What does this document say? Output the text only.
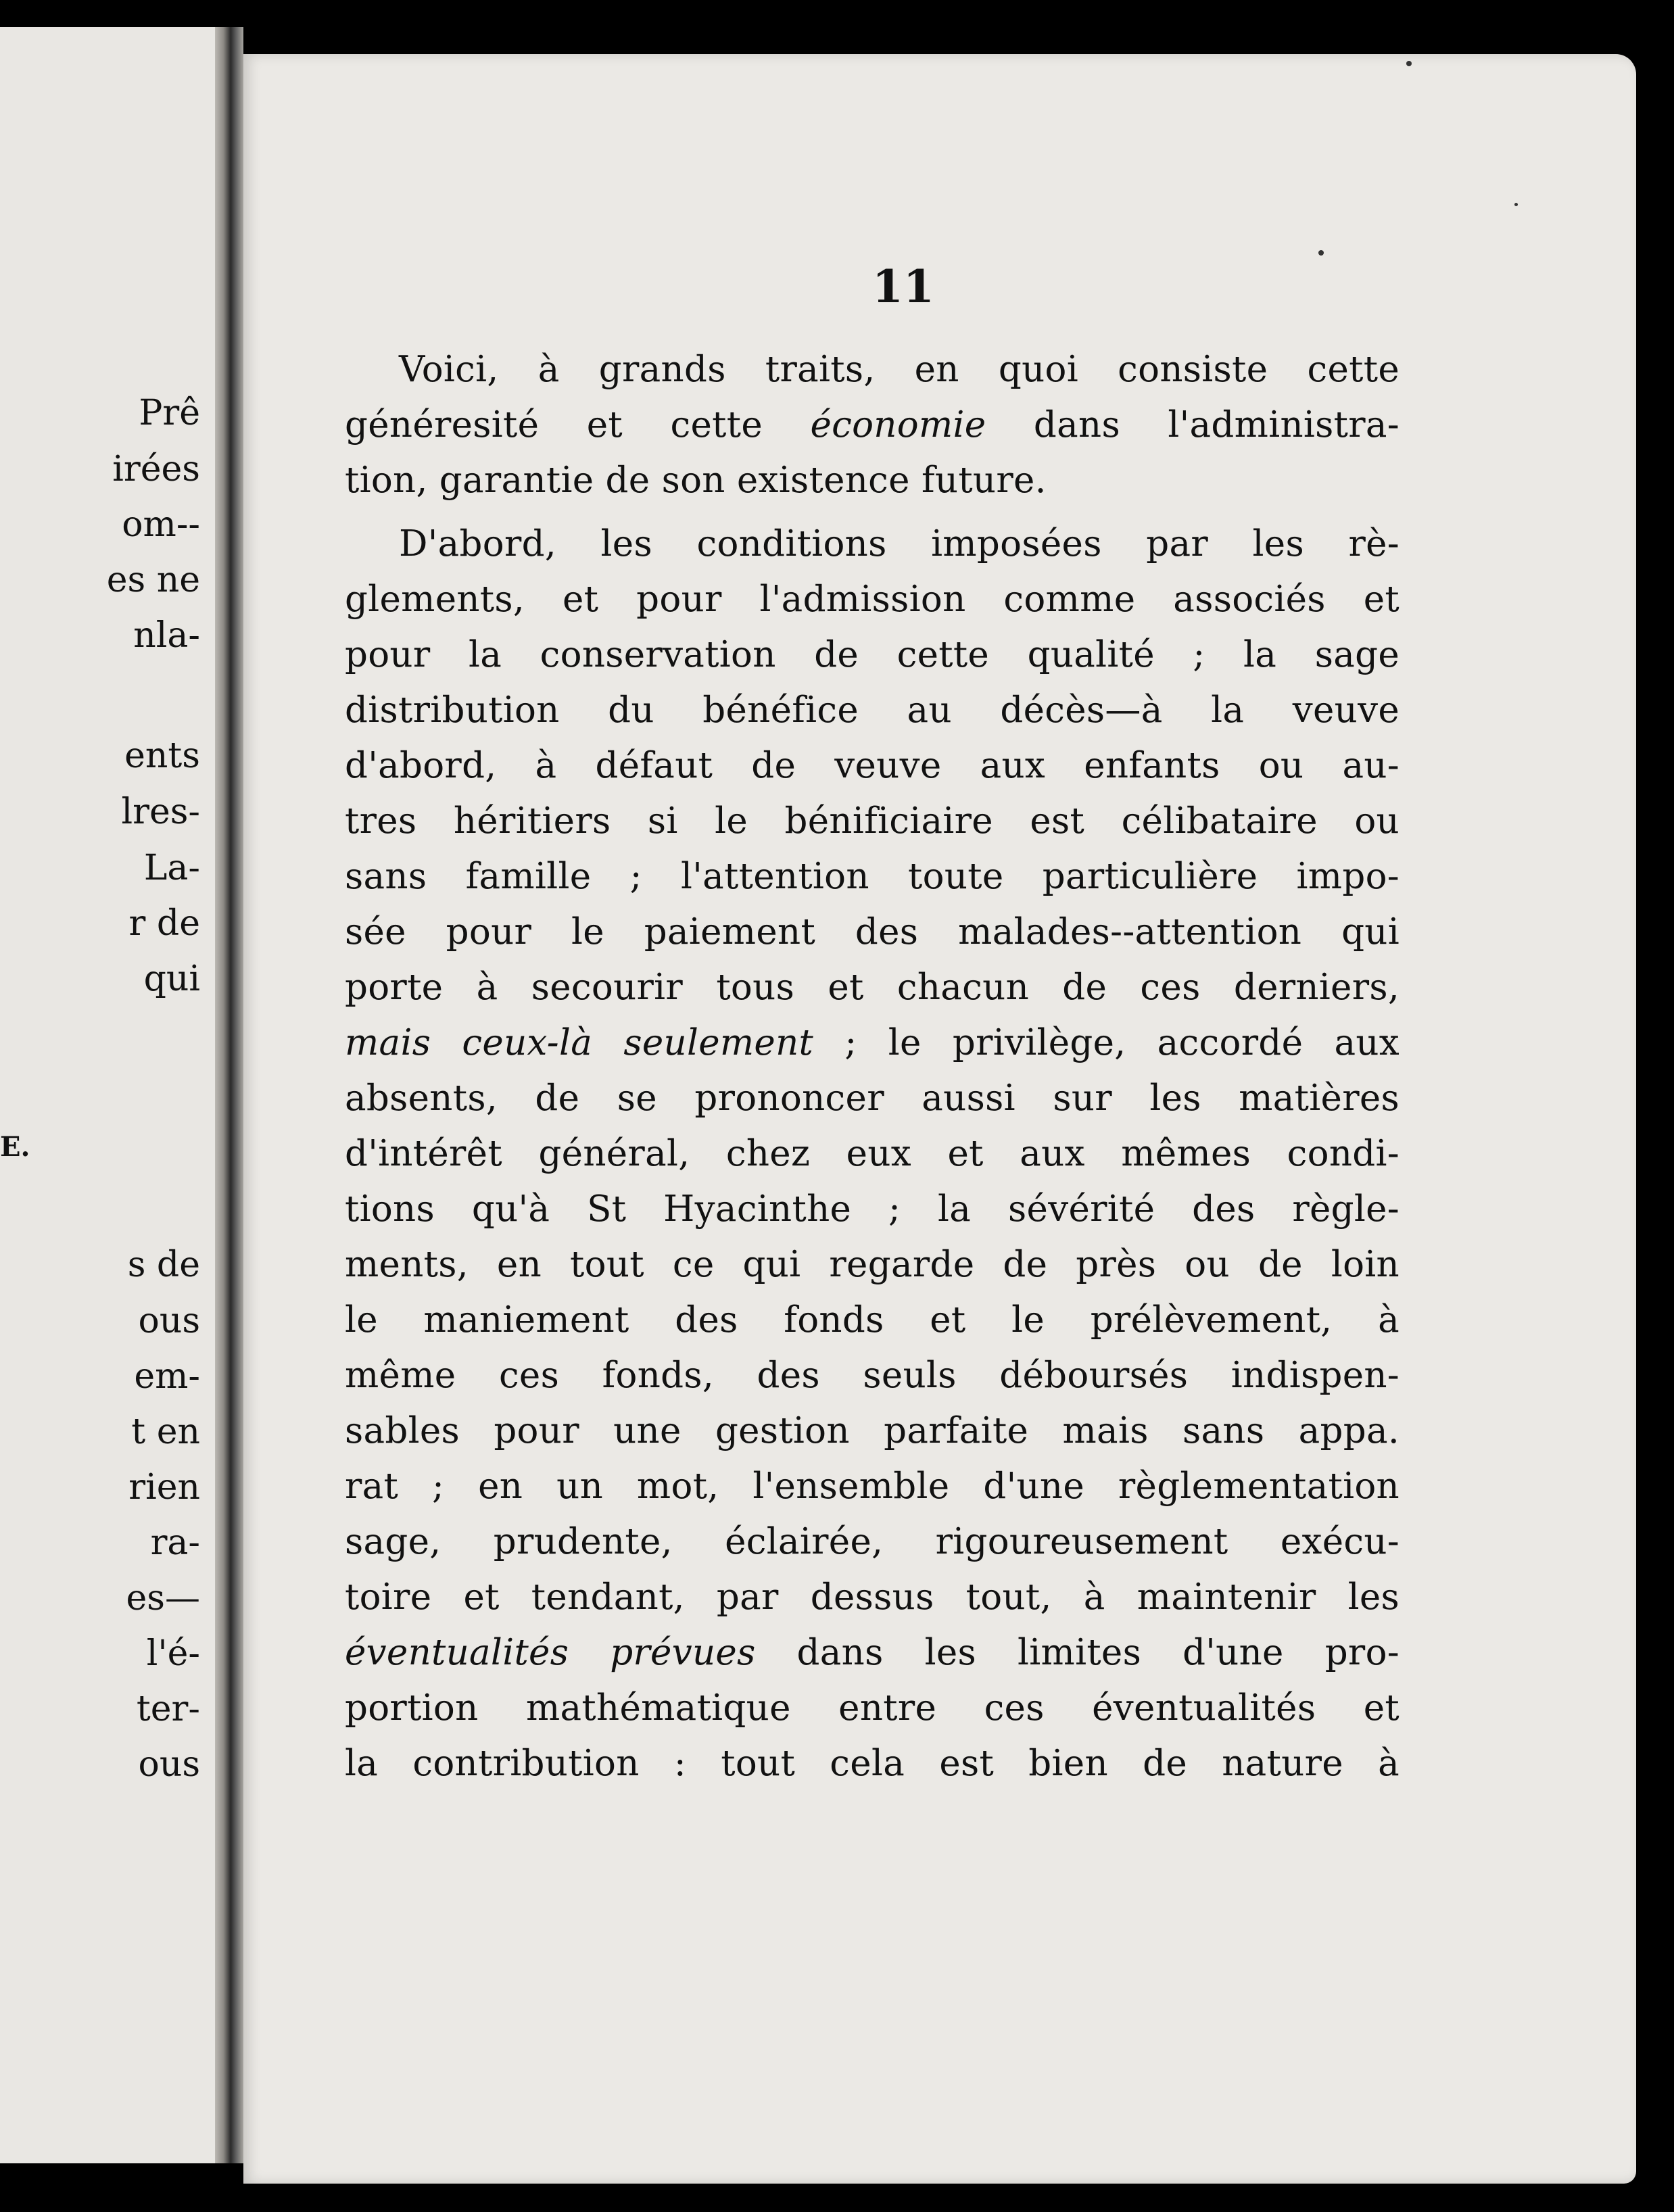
Prê
irées
om--
es ne
nla-
ents
lres-
La-
r de
qui
E.
s de
ous
em-
t en
rien
ra-
es—
l'é-
ter-
ous
11
Voici, à grands traits, en quoi consiste cette
généresité et cette économie dans l'administra-
tion, garantie de son existence future.
D'abord, les conditions imposées par les rè-
glements, et pour l'admission comme associés et
pour la conservation de cette qualité ; la sage
distribution du bénéfice au décès—à la veuve
d'abord, à défaut de veuve aux enfants ou au-
tres héritiers si le bénificiaire est célibataire ou
sans famille ; l'attention toute particulière impo-
sée pour le paiement des malades--attention qui
porte à secourir tous et chacun de ces derniers,
mais ceux-là seulement ; le privilège, accordé aux
absents, de se prononcer aussi sur les matières
d'intérêt général, chez eux et aux mêmes condi-
tions qu'à St Hyacinthe ; la sévérité des règle-
ments, en tout ce qui regarde de près ou de loin
le maniement des fonds et le prélèvement, à
même ces fonds, des seuls déboursés indispen-
sables pour une gestion parfaite mais sans appa.
rat ; en un mot, l'ensemble d'une règlementation
sage, prudente, éclairée, rigoureusement exécu-
toire et tendant, par dessus tout, à maintenir les
éventualités prévues dans les limites d'une pro-
portion mathématique entre ces éventualités et
la contribution : tout cela est bien de nature à
